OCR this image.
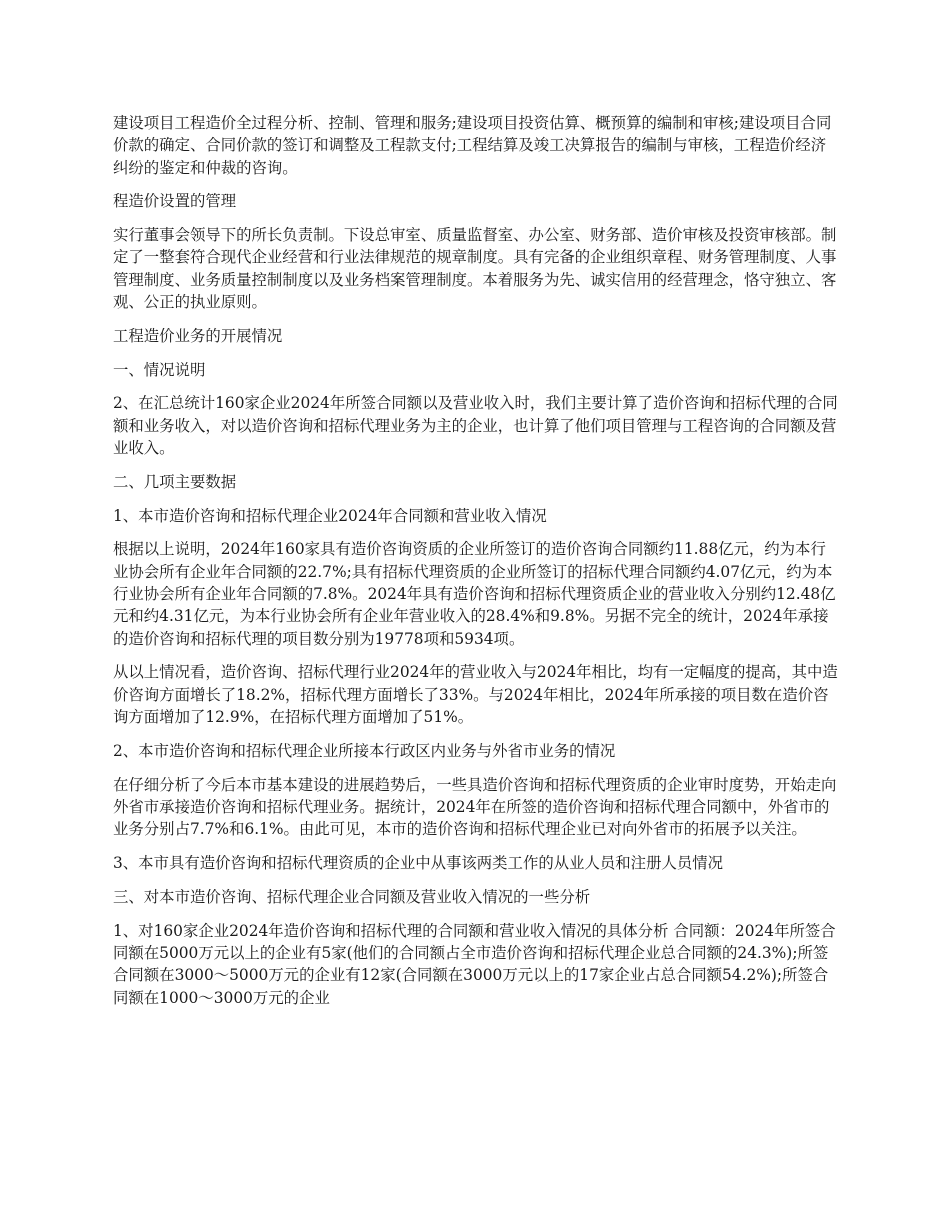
建设项目工程造价全过程分析、控制、管理和服务;建设项目投资估算、概预算的编制和审核;建设项目合同价款的确定、合同价款的签订和调整及工程款支付;工程结算及竣工决算报告的编制与审核，工程造价经济纠纷的鉴定和仲裁的咨询。

程造价设置的管理

实行董事会领导下的所长负责制。下设总审室、质量监督室、办公室、财务部、造价审核及投资审核部。制定了一整套符合现代企业经营和行业法律规范的规章制度。具有完备的企业组织章程、财务管理制度、人事管理制度、业务质量控制制度以及业务档案管理制度。本着服务为先、诚实信用的经营理念，恪守独立、客观、公正的执业原则。

工程造价业务的开展情况

一、情况说明

2、在汇总统计160家企业2024年所签合同额以及营业收入时，我们主要计算了造价咨询和招标代理的合同额和业务收入，对以造价咨询和招标代理业务为主的企业，也计算了他们项目管理与工程咨询的合同额及营业收入。

二、几项主要数据

1、本市造价咨询和招标代理企业2024年合同额和营业收入情况

根据以上说明，2024年160家具有造价咨询资质的企业所签订的造价咨询合同额约11.88亿元，约为本行业协会所有企业年合同额的22.7%;具有招标代理资质的企业所签订的招标代理合同额约4.07亿元，约为本行业协会所有企业年合同额的7.8%。2024年具有造价咨询和招标代理资质企业的营业收入分别约12.48亿元和约4.31亿元，为本行业协会所有企业年营业收入的28.4%和9.8%。另据不完全的统计，2024年承接的造价咨询和招标代理的项目数分别为19778项和5934项。

从以上情况看，造价咨询、招标代理行业2024年的营业收入与2024年相比，均有一定幅度的提高，其中造价咨询方面增长了18.2%，招标代理方面增长了33%。与2024年相比，2024年所承接的项目数在造价咨询方面增加了12.9%，在招标代理方面增加了51%。

2、本市造价咨询和招标代理企业所接本行政区内业务与外省市业务的情况

在仔细分析了今后本市基本建设的进展趋势后，一些具造价咨询和招标代理资质的企业审时度势，开始走向外省市承接造价咨询和招标代理业务。据统计，2024年在所签的造价咨询和招标代理合同额中，外省市的业务分别占7.7%和6.1%。由此可见，本市的造价咨询和招标代理企业已对向外省市的拓展予以关注。

3、本市具有造价咨询和招标代理资质的企业中从事该两类工作的从业人员和注册人员情况

三、对本市造价咨询、招标代理企业合同额及营业收入情况的一些分析

1、对160家企业2024年造价咨询和招标代理的合同额和营业收入情况的具体分析 合同额：2024年所签合同额在5000万元以上的企业有5家(他们的合同额占全市造价咨询和招标代理企业总合同额的24.3%);所签合同额在3000～5000万元的企业有12家(合同额在3000万元以上的17家企业占总合同额54.2%);所签合同额在1000～3000万元的企业
